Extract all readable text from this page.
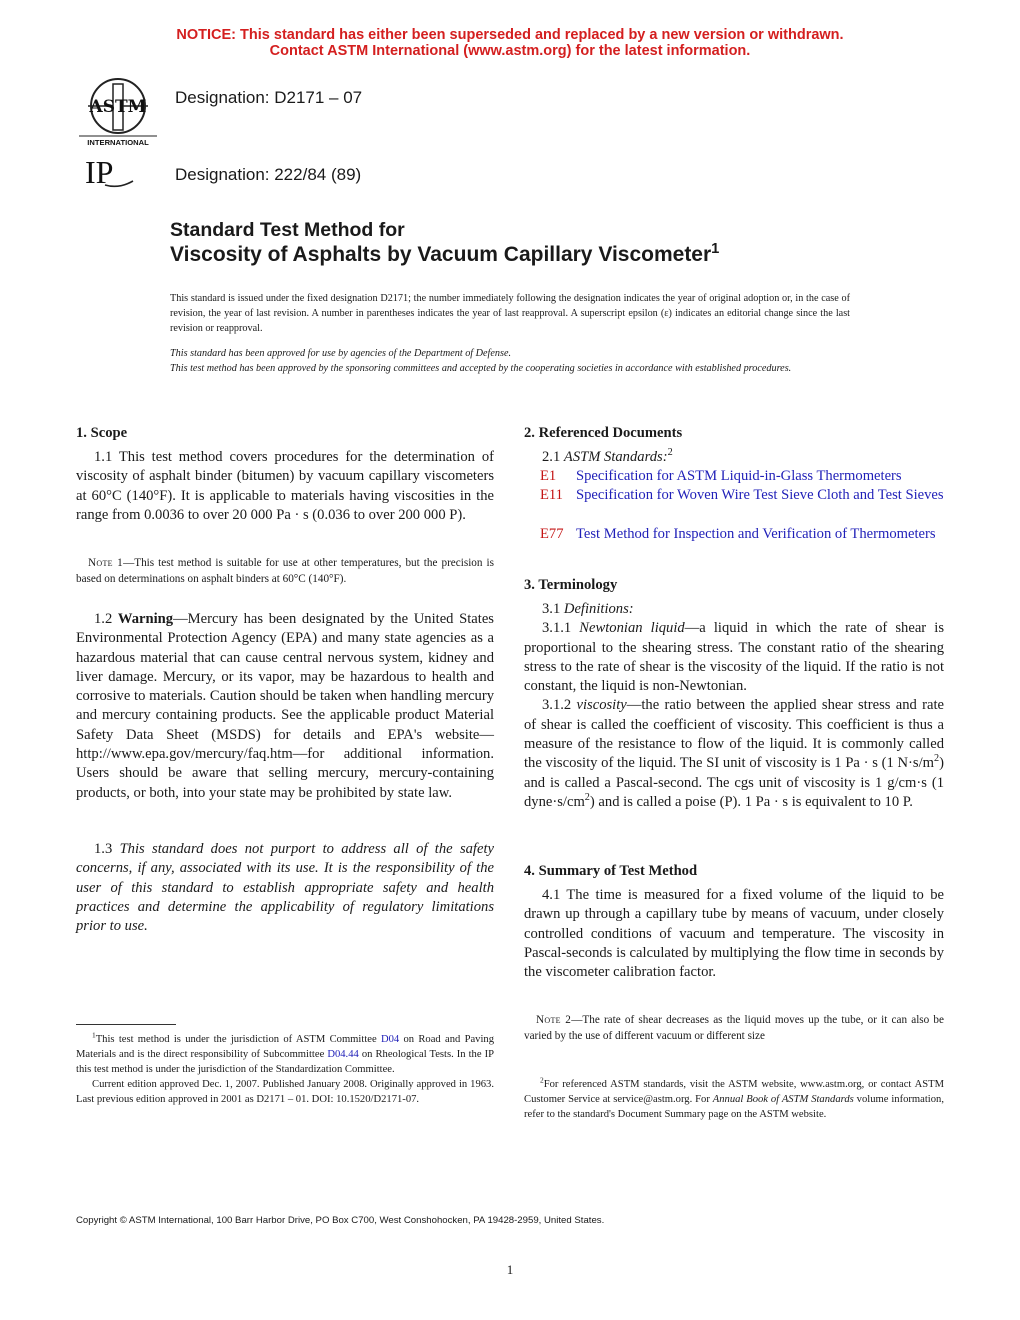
NOTICE: This standard has either been superseded and replaced by a new version or withdrawn.
Contact ASTM International (www.astm.org) for the latest information.
ASTM
INTERNATIONAL
IP
Designation: D2171 – 07
Designation: 222/84 (89)
Standard Test Method for
Viscosity of Asphalts by Vacuum Capillary Viscometer$^1$
This standard is issued under the fixed designation D2171; the number immediately following the designation indicates the year of original adoption or, in the case of revision, the year of last revision. A number in parentheses indicates the year of last reapproval. A superscript epsilon (ε) indicates an editorial change since the last revision or reapproval.
This standard has been approved for use by agencies of the Department of Defense.
This test method has been approved by the sponsoring committees and accepted by the cooperating societies in accordance with established procedures.
1. Scope

1.1 This test method covers procedures for the determination of viscosity of asphalt binder (bitumen) by vacuum capillary viscometers at 60°C (140°F). It is applicable to materials having viscosities in the range from 0.0036 to over 20 000 Pa · s (0.036 to over 200 000 P).

Note 1—This test method is suitable for use at other temperatures, but the precision is based on determinations on asphalt binders at 60°C (140°F).

1.2 Warning—Mercury has been designated by the United States Environmental Protection Agency (EPA) and many state agencies as a hazardous material that can cause central nervous system, kidney and liver damage. Mercury, or its vapor, may be hazardous to health and corrosive to materials. Caution should be taken when handling mercury and mercury containing products. See the applicable product Material Safety Data Sheet (MSDS) for details and EPA's website—http://www.epa.gov/mercury/faq.htm—for additional information. Users should be aware that selling mercury, mercury-containing products, or both, into your state may be prohibited by state law.

1.3 This standard does not purport to address all of the safety concerns, if any, associated with its use. It is the responsibility of the user of this standard to establish appropriate safety and health practices and determine the applicability of regulatory limitations prior to use.

$^1$This test method is under the jurisdiction of ASTM Committee D04 on Road and Paving Materials and is the direct responsibility of Subcommittee D04.44 on Rheological Tests. In the IP this test method is under the jurisdiction of the Standardization Committee.
Current edition approved Dec. 1, 2007. Published January 2008. Originally approved in 1963. Last previous edition approved in 2001 as D2171 – 01. DOI: 10.1520/D2171-07.
2. Referenced Documents

2.1 ASTM Standards:$^2$

E1	Specification for ASTM Liquid-in-Glass Thermometers
E11 Specification for Woven Wire Test Sieve Cloth and Test Sieves
E77 Test Method for Inspection and Verification of Thermometers
3. Terminology

3.1 Definitions:

3.1.1 Newtonian liquid—a liquid in which the rate of shear is proportional to the shearing stress. The constant ratio of the shearing stress to the rate of shear is the viscosity of the liquid. If the ratio is not constant, the liquid is non-Newtonian.

3.1.2 viscosity—the ratio between the applied shear stress and rate of shear is called the coefficient of viscosity. This coefficient is thus a measure of the resistance to flow of the liquid. It is commonly called the viscosity of the liquid. The SI unit of viscosity is 1 Pa · s (1 $N\cdot s/m^2$) and is called a Pascal-second. The cgs unit of viscosity is 1 g/cm·s (1 $dyne\cdot s/cm^2$) and is called a poise (P). 1 Pa · s is equivalent to 10 P.

4. Summary of Test Method

4.1 The time is measured for a fixed volume of the liquid to be drawn up through a capillary tube by means of vacuum, under closely controlled conditions of vacuum and temperature. The viscosity in Pascal-seconds is calculated by multiplying the flow time in seconds by the viscometer calibration factor.

Note 2—The rate of shear decreases as the liquid moves up the tube, or it can also be varied by the use of different vacuum or different size
$^2$For referenced ASTM standards, visit the ASTM website, www.astm.org, or contact ASTM Customer Service at service@astm.org. For Annual Book of ASTM Standards volume information, refer to the standard's Document Summary page on the ASTM website.
Copyright © ASTM International, 100 Barr Harbor Drive, PO Box C700, West Conshohocken, PA 19428-2959, United States.
1
